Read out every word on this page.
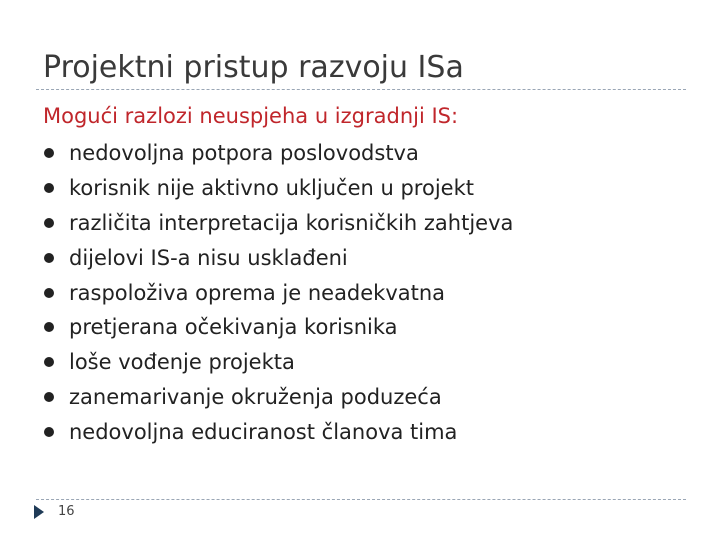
Projektni pristup razvoju ISa
Mogući razlozi neuspjeha u izgradnji IS:
nedovoljna potpora poslovodstva
korisnik nije aktivno uključen u projekt
različita interpretacija korisničkih zahtjeva
dijelovi IS-a nisu usklađeni
raspoloživa oprema je neadekvatna
pretjerana očekivanja korisnika
loše vođenje projekta
zanemarivanje okruženja poduzeća
nedovoljna educiranost članova tima
16
